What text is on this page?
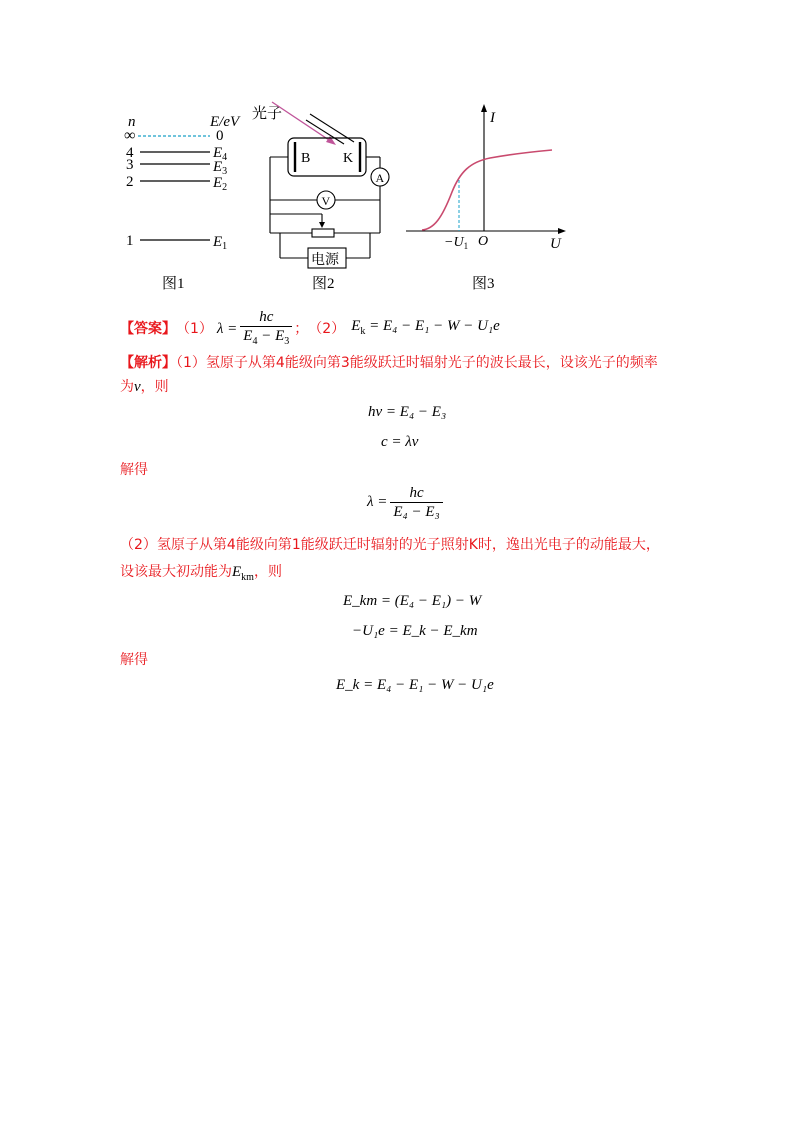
n	E/eV
∞	0
4	$E_4$
3	$E_3$
2	$E_2$
1	$E_1$
图1
光子
B K
A
V
电源
图2
I
U
O
$-U_1$
图3
【答案】 （1） $\lambda = \frac{hc}{E_4 - E_3}$ ； （2） $E_k = E_4 - E_1 - W - U_1e$
【解析】（1）氢原子从第4能级向第3能级跃迁时辐射光子的波长最长，设该光子的频率
为ν，则
hν = E₄ − E₃
c = λν
解得
$\lambda = \frac{hc}{\text{E₄ − E₃}}$
（2）氢原子从第4能级向第1能级跃迁时辐射的光子照射K时，逸出光电子的动能最大，
设该最大初动能为$E_{km}$，则
E_km = (E₄ − E₁) − W
−U₁e = E_k − E_km
解得
E_k = E₄ − E₁ − W − U₁e
